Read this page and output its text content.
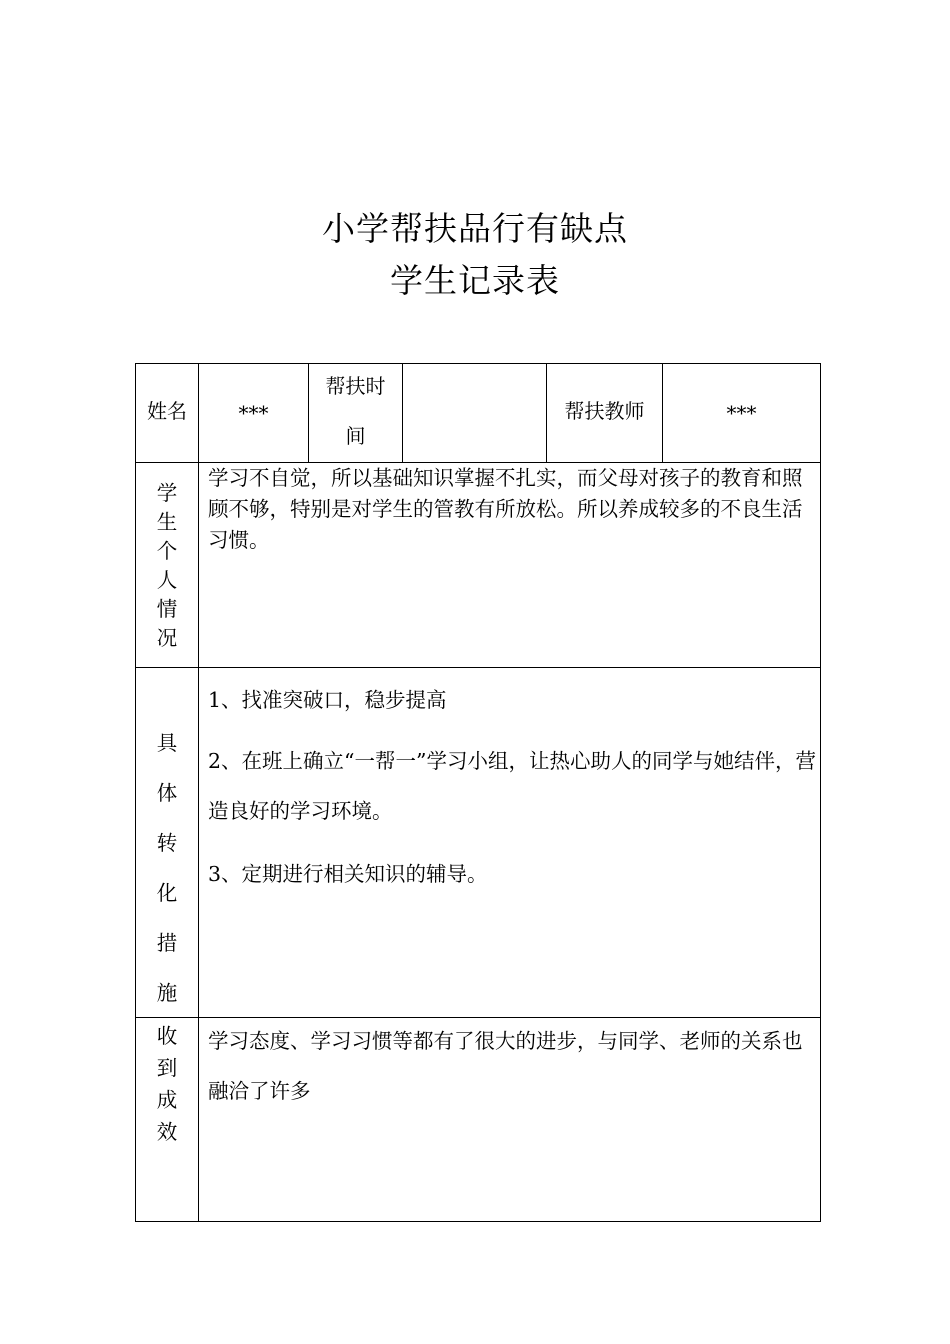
小学帮扶品行有缺点
学生记录表
姓名	***
帮扶时
间
帮扶教师	***
学
生
个
人
情
况
学习不自觉，所以基础知识掌握不扎实，而父母对孩子的教育和照顾不够，特别是对学生的管教有所放松。所以养成较多的不良生活习惯。
具
体
转
化
措
施
1、找准突破口，稳步提高
2、在班上确立“一帮一”学习小组，让热心助人的同学与她结伴，营造良好的学习环境。
3、定期进行相关知识的辅导。
收
到
成
效
学习态度、学习习惯等都有了很大的进步，与同学、老师的关系也融洽了许多
